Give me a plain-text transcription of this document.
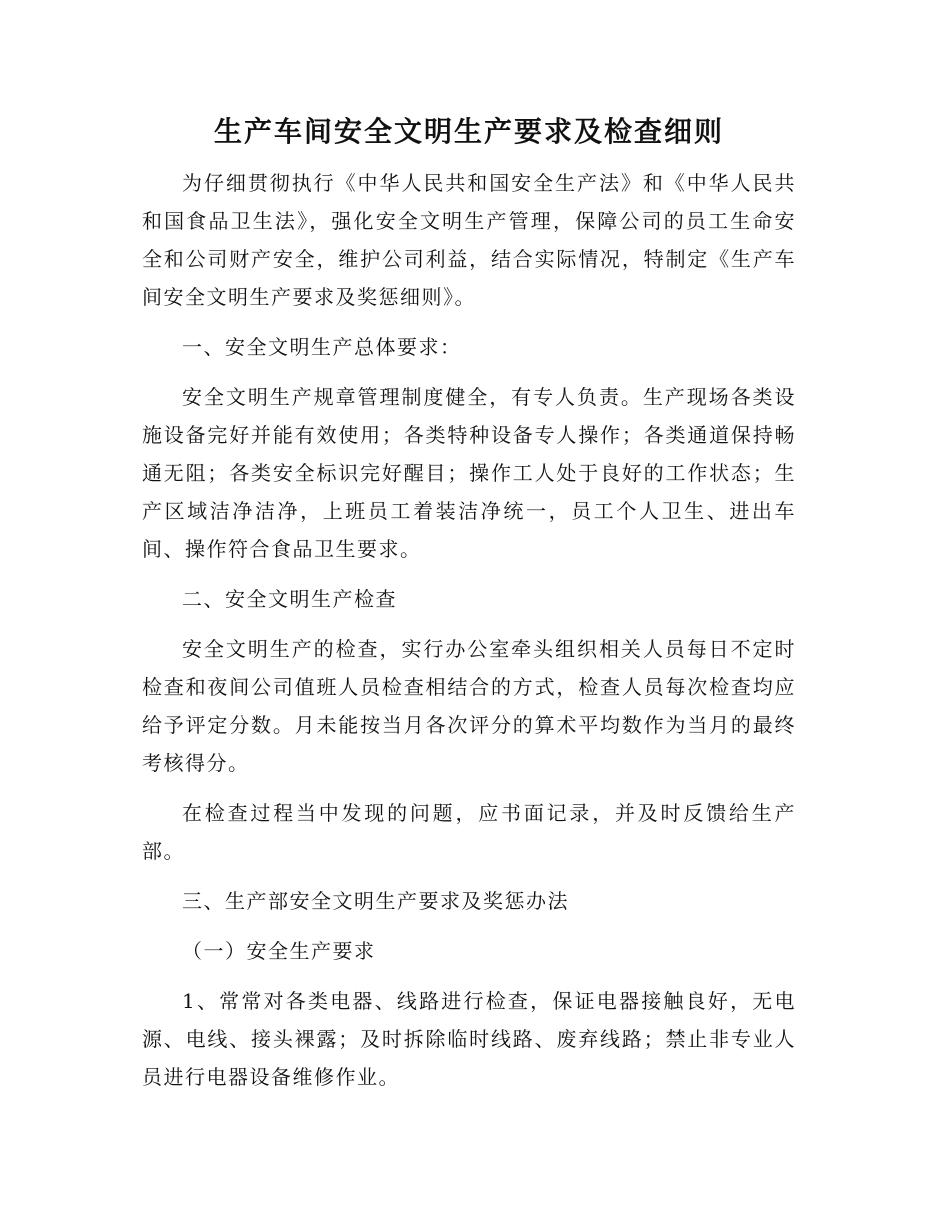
生产车间安全文明生产要求及检查细则

为仔细贯彻执行《中华人民共和国安全生产法》和《中华人民共和国食品卫生法》，强化安全文明生产管理，保障公司的员工生命安全和公司财产安全，维护公司利益，结合实际情况，特制定《生产车间安全文明生产要求及奖惩细则》。

一、安全文明生产总体要求：

安全文明生产规章管理制度健全，有专人负责。生产现场各类设施设备完好并能有效使用；各类特种设备专人操作；各类通道保持畅通无阻；各类安全标识完好醒目；操作工人处于良好的工作状态；生产区域洁净洁净，上班员工着装洁净统一，员工个人卫生、进出车间、操作符合食品卫生要求。

二、安全文明生产检查

安全文明生产的检查，实行办公室牵头组织相关人员每日不定时检查和夜间公司值班人员检查相结合的方式，检查人员每次检查均应给予评定分数。月未能按当月各次评分的算术平均数作为当月的最终考核得分。

在检查过程当中发现的问题，应书面记录，并及时反馈给生产部。

三、生产部安全文明生产要求及奖惩办法

（一）安全生产要求

1、常常对各类电器、线路进行检查，保证电器接触良好，无电源、电线、接头裸露；及时拆除临时线路、废弃线路；禁止非专业人员进行电器设备维修作业。
